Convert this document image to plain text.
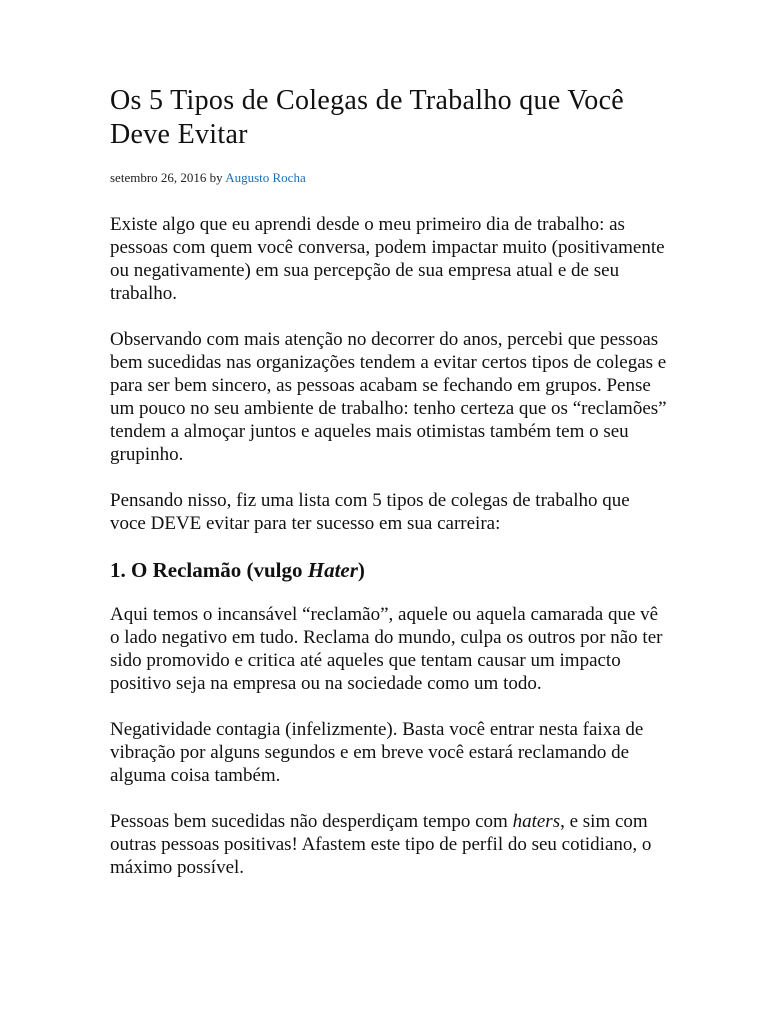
Os 5 Tipos de Colegas de Trabalho que Você Deve Evitar
setembro 26, 2016 by Augusto Rocha

Existe algo que eu aprendi desde o meu primeiro dia de trabalho: as pessoas com quem você conversa, podem impactar muito (positivamente ou negativamente) em sua percepção de sua empresa atual e de seu trabalho.

Observando com mais atenção no decorrer do anos, percebi que pessoas bem sucedidas nas organizações tendem a evitar certos tipos de colegas e para ser bem sincero, as pessoas acabam se fechando em grupos. Pense um pouco no seu ambiente de trabalho: tenho certeza que os “reclamões” tendem a almoçar juntos e aqueles mais otimistas também tem o seu grupinho.

Pensando nisso, fiz uma lista com 5 tipos de colegas de trabalho que voce DEVE evitar para ter sucesso em sua carreira:

1. O Reclamão (vulgo Hater)

Aqui temos o incansável “reclamão”, aquele ou aquela camarada que vê o lado negativo em tudo. Reclama do mundo, culpa os outros por não ter sido promovido e critica até aqueles que tentam causar um impacto positivo seja na empresa ou na sociedade como um todo.

Negatividade contagia (infelizmente). Basta você entrar nesta faixa de vibração por alguns segundos e em breve você estará reclamando de alguma coisa também.

Pessoas bem sucedidas não desperdiçam tempo com haters, e sim com outras pessoas positivas! Afastem este tipo de perfil do seu cotidiano, o máximo possível.
